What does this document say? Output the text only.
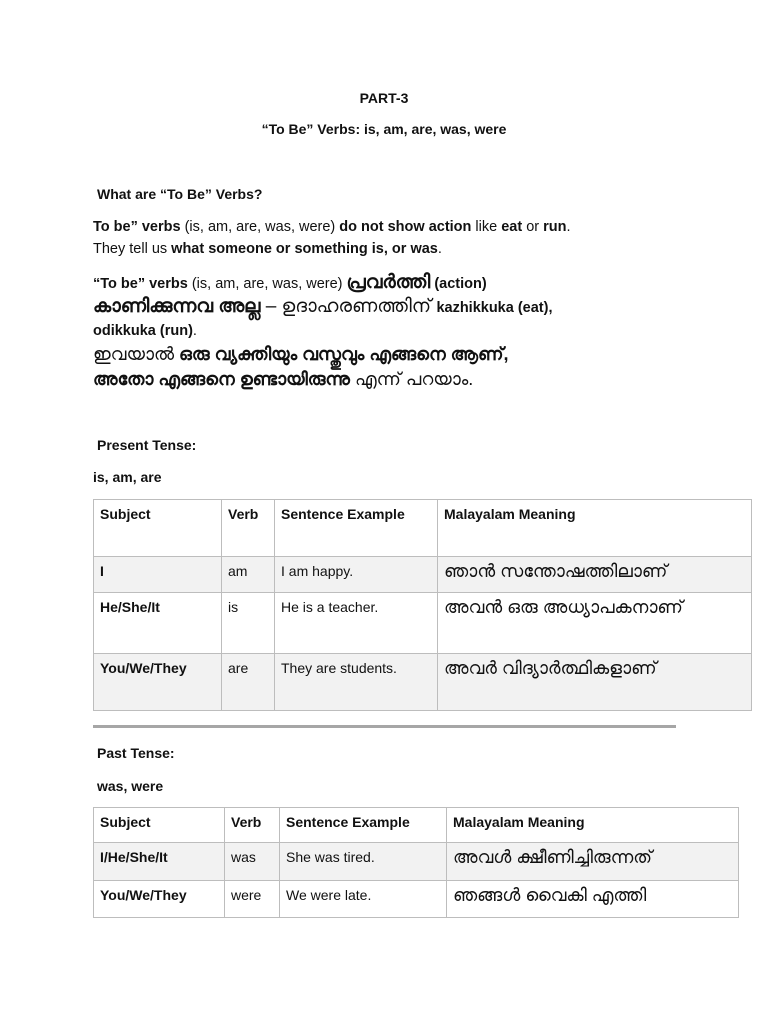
PART-3
“To Be” Verbs: is, am, are, was, were
What are “To Be” Verbs?
To be” verbs (is, am, are, was, were) do not show action like eat or run.
They tell us what someone or something is, or was.
“To be” verbs (is, am, are, was, were) പ്രവർത്തി (action)
കാണിക്കുന്നവ അല്ല – ഉദാഹരണത്തിന് kazhikkuka (eat),
odikkuka (run).
ഇവയാൽ ഒരു വ്യക്തിയും വസ്തുവും എങ്ങനെ ആണ്,
അതോ എങ്ങനെ ഉണ്ടായിരുന്നു എന്ന് പറയാം.
Present Tense:
is, am, are
Subject	Verb	Sentence Example	Malayalam Meaning
I	am	I am happy.	ഞാൻ സന്തോഷത്തിലാണ്
He/She/It	is	He is a teacher.	അവൻ ഒരു അധ്യാപകനാണ്
You/We/They	are	They are students.	അവർ വിദ്യാർത്ഥികളാണ്
Past Tense:
was, were
Subject	Verb	Sentence Example	Malayalam Meaning
I/He/She/It	was	She was tired.	അവൾ ക്ഷീണിച്ചിരുന്നത്
You/We/They	were	We were late.	ഞങ്ങൾ വൈകി എത്തി
